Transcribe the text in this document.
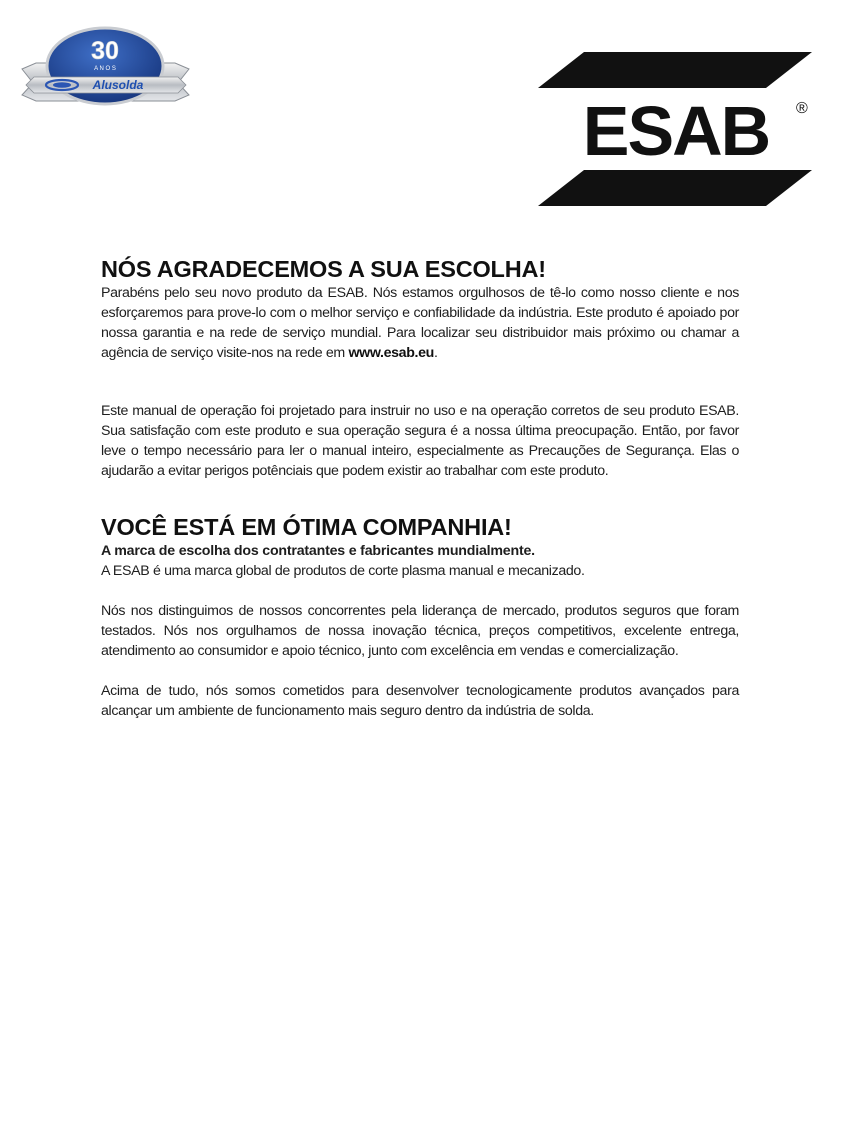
30
A N O S
Alusolda
ESAB ®
NÓS AGRADECEMOS A SUA ESCOLHA!

Parabéns pelo seu novo produto da ESAB. Nós estamos orgulhosos de tê-lo como nosso cliente e nos esforçaremos para prove-lo com o melhor serviço e confiabilidade da indústria. Este produto é apoiado por nossa garantia e na rede de serviço mundial. Para localizar seu distribuidor mais próximo ou chamar a agência de serviço visite-nos na rede em www.esab.eu.

Este manual de operação foi projetado para instruir no uso e na operação corretos de seu produto ESAB. Sua satisfação com este produto e sua operação segura é a nossa última preocupação. Então, por favor leve o tempo necessário para ler o manual inteiro, especialmente as Precauções de Segurança. Elas o ajudarão a evitar perigos potênciais que podem existir ao trabalhar com este produto.

VOCÊ ESTÁ EM ÓTIMA COMPANHIA!

A marca de escolha dos contratantes e fabricantes mundialmente.

A ESAB é uma marca global de produtos de corte plasma manual e mecanizado.

Nós nos distinguimos de nossos concorrentes pela liderança de mercado, produtos seguros que foram testados. Nós nos orgulhamos de nossa inovação técnica, preços competitivos, excelente entrega, atendimento ao consumidor e apoio técnico, junto com excelência em vendas e comercialização.

Acima de tudo, nós somos cometidos para desenvolver tecnologicamente produtos avançados para alcançar um ambiente de funcionamento mais seguro dentro da indústria de solda.
